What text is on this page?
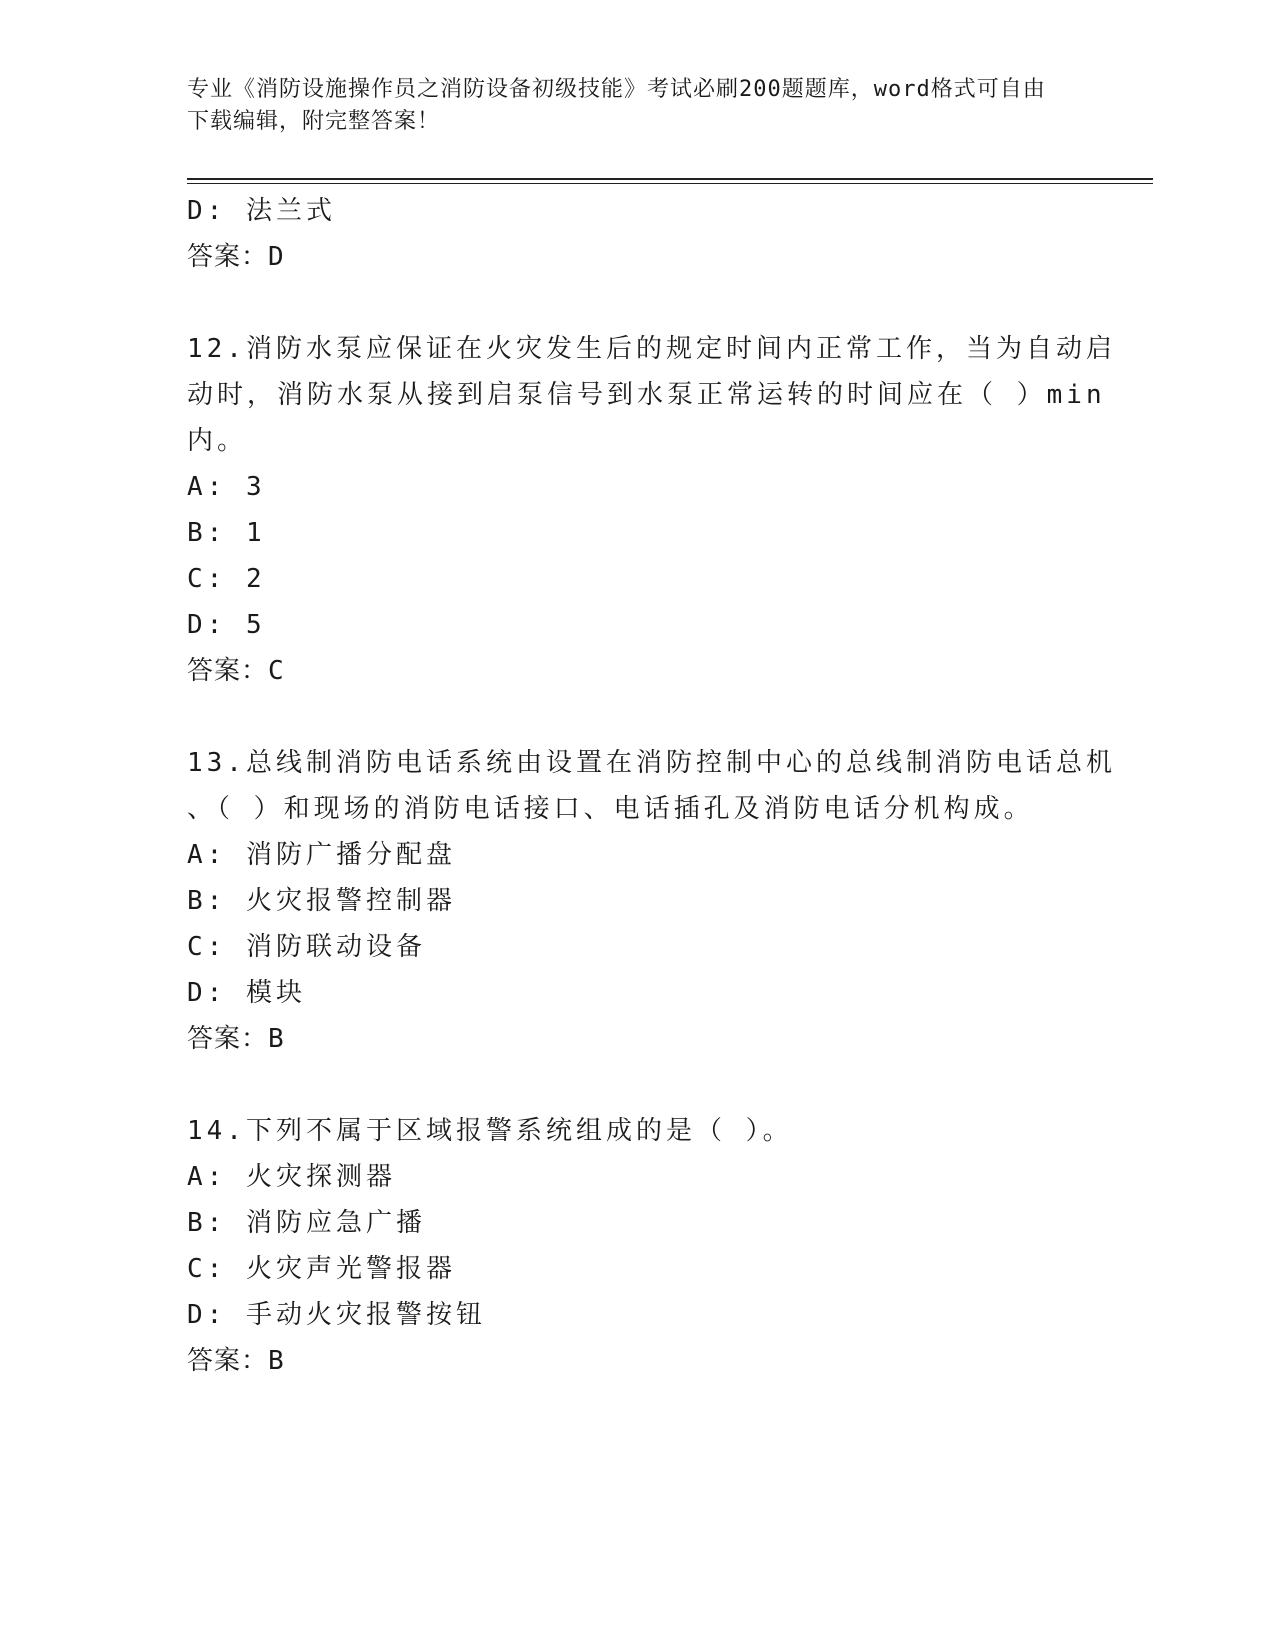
专业《消防设施操作员之消防设备初级技能》考试必刷200题题库，word格式可自由下载编辑，附完整答案！
D: 法兰式
答案：D
12.消防水泵应保证在火灾发生后的规定时间内正常工作，当为自动启
动时，消防水泵从接到启泵信号到水泵正常运转的时间应在（ ）min
内。
A: 3
B: 1
C: 2
D: 5
答案：C
13.总线制消防电话系统由设置在消防控制中心的总线制消防电话总机
、（ ）和现场的消防电话接口、电话插孔及消防电话分机构成。
A: 消防广播分配盘
B: 火灾报警控制器
C: 消防联动设备
D: 模块
答案：B
14.下列不属于区域报警系统组成的是（ ）。
A: 火灾探测器
B: 消防应急广播
C: 火灾声光警报器
D: 手动火灾报警按钮
答案：B
